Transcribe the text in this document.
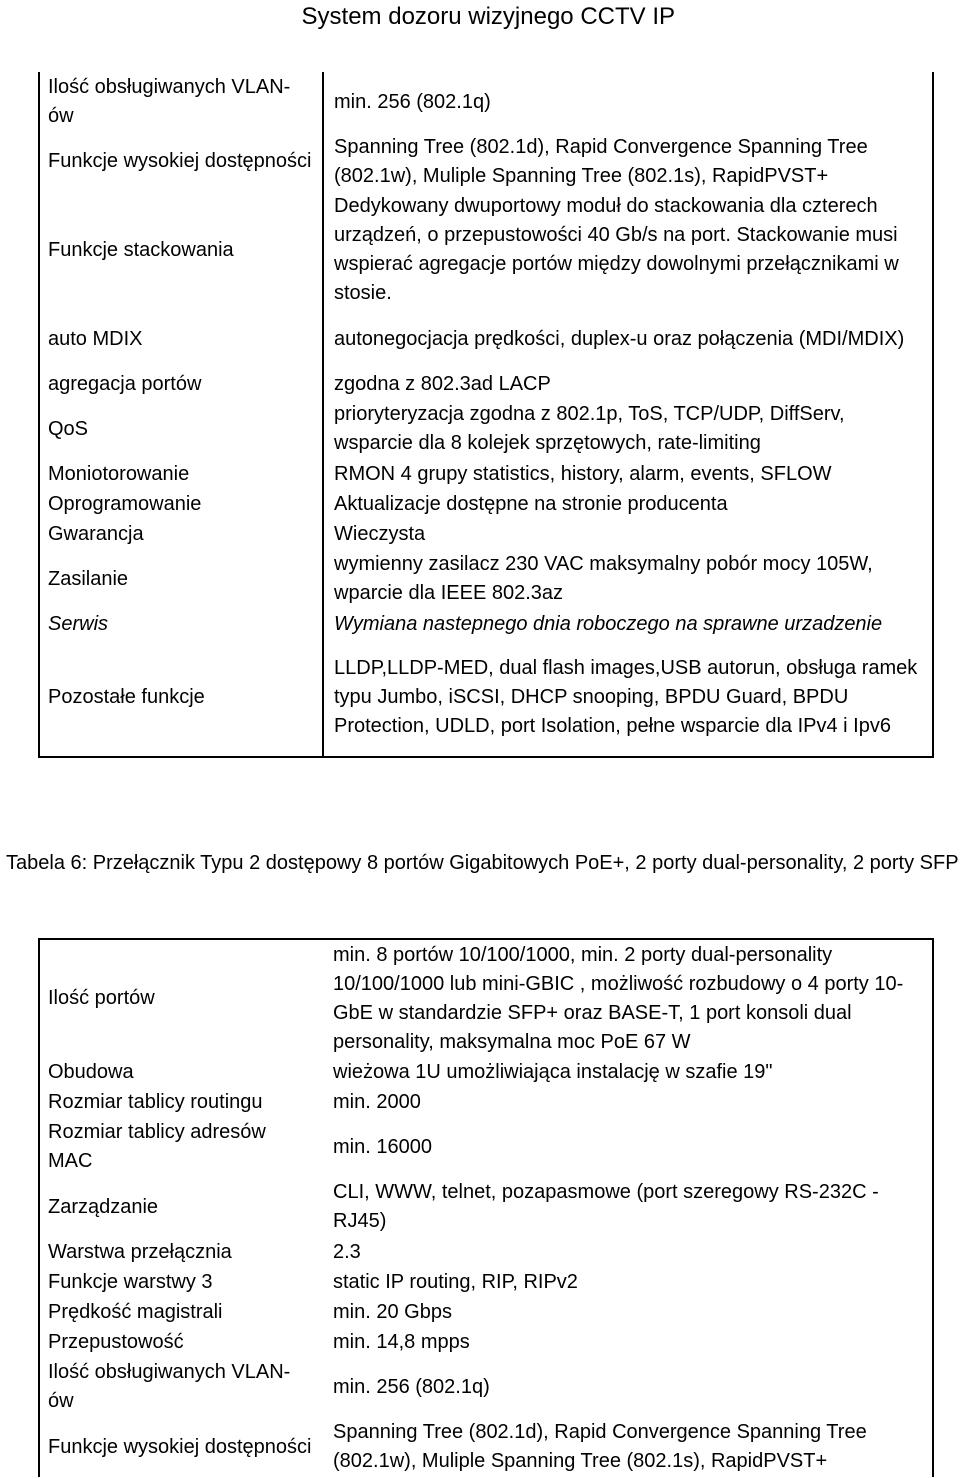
System dozoru wizyjnego CCTV IP
Ilość obsługiwanych VLAN-ów	min. 256 (802.1q)
Funkcje wysokiej dostępności	Spanning Tree (802.1d), Rapid Convergence Spanning Tree (802.1w), Muliple Spanning Tree (802.1s), RapidPVST+
Funkcje stackowania	Dedykowany dwuportowy moduł do stackowania dla czterech urządzeń, o przepustowości 40 Gb/s na port. Stackowanie musi wspierać agregacje portów między dowolnymi przełącznikami w stosie.
auto MDIX	autonegocjacja prędkości, duplex-u oraz połączenia (MDI/MDIX)
agregacja portów	zgodna z 802.3ad LACP
QoS	prioryteryzacja zgodna z 802.1p, ToS, TCP/UDP, DiffServ, wsparcie dla 8 kolejek sprzętowych, rate-limiting
Moniotorowanie	RMON 4 grupy statistics, history, alarm, events, SFLOW
Oprogramowanie	Aktualizacje dostępne na stronie producenta
Gwarancja	Wieczysta
Zasilanie	wymienny zasilacz 230 VAC maksymalny pobór mocy 105W, wparcie dla IEEE 802.3az
Serwis	Wymiana nastepnego dnia roboczego na sprawne urzadzenie
Pozostałe funkcje	LLDP,LLDP-MED, dual flash images,USB autorun, obsługa ramek typu Jumbo, iSCSI, DHCP snooping, BPDU Guard, BPDU Protection, UDLD, port Isolation, pełne wsparcie dla IPv4 i Ipv6
Tabela 6: Przełącznik Typu 2 dostępowy 8 portów Gigabitowych PoE+, 2 porty dual-personality, 2 porty SFP
Ilość portów	min. 8 portów 10/100/1000, min. 2 porty dual-personality 10/100/1000 lub mini-GBIC , możliwość rozbudowy o 4 porty 10-GbE w standardzie SFP+ oraz BASE-T, 1 port konsoli dual personality, maksymalna moc PoE 67 W
Obudowa	wieżowa 1U umożliwiająca instalację w szafie 19"
Rozmiar tablicy routingu	min. 2000
Rozmiar tablicy adresów MAC	min. 16000
Zarządzanie	CLI, WWW, telnet, pozapasmowe (port szeregowy RS-232C - RJ45)
Warstwa przełącznia	2.3
Funkcje warstwy 3	static IP routing, RIP, RIPv2
Prędkość magistrali	min. 20 Gbps
Przepustowość	min. 14,8 mpps
Ilość obsługiwanych VLAN-ów	min. 256 (802.1q)
Funkcje wysokiej dostępności	Spanning Tree (802.1d), Rapid Convergence Spanning Tree (802.1w), Muliple Spanning Tree (802.1s), RapidPVST+
